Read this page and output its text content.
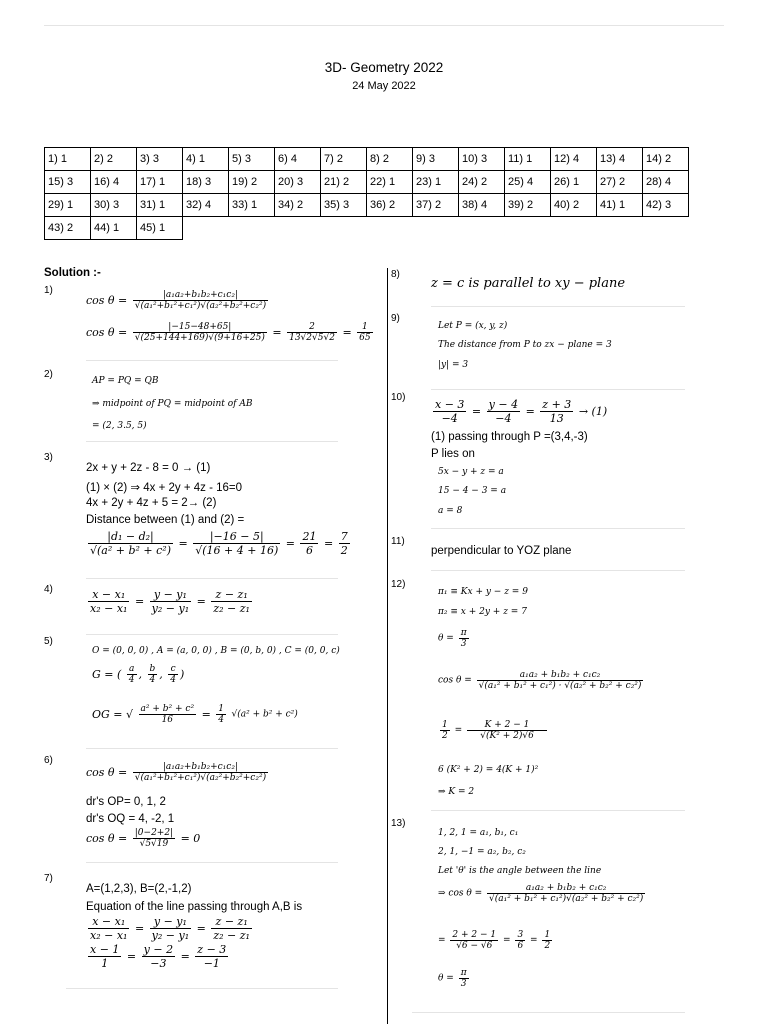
3D- Geometry 2022
24 May 2022
1) 1	2) 2	3) 3	4) 1	5) 3	6) 4	7) 2	8) 2	9) 3	10) 3	11) 1	12) 4	13) 4	14) 2
15) 3	16) 4	17) 1	18) 3	19) 2	20) 3	21) 2	22) 1	23) 1	24) 2	25) 4	26) 1	27) 2	28) 4
29) 1	30) 3	31) 1	32) 4	33) 1	34) 2	35) 3	36) 2	37) 2	38) 4	39) 2	40) 2	41) 1	42) 3
43) 2	44) 1	45) 1											
Solution :-
1)
$\cos \theta = \frac{\text{|a₁a₂+b₁b₂+c₁c₂|}}{\text{√(a₁²+b₁²+c₁²)√(a₂²+b₂²+c₂²)}}$
$\cos \theta = \frac{|-15-48+65|}{√(25+144+169)√(9+16+25)} = \frac{2}{13√2√5√2} = \frac{1}{65}$
2)
AP = PQ = QB
⇒ midpoint of PQ = midpoint of AB
= (2, 3.5, 5)
3)
2x + y + 2z - 8 = 0 → (1)
(1) × (2) ⇒ 4x + 2y + 4z - 16=0
4x + 2y + 4z + 5 = 2→ (2)
Distance between (1) and (2) =
$\frac{\text{|d₁ − d₂|}}{\text{√(a² + b² + c²)}} = \frac{|-16 - 5|}{√(16 + 4 + 16)} = \frac{21}{6} = \frac{7}{2}$
4)	$\frac{\text{x − x₁}}{\text{x₂ − x₁}} = \frac{\text{y − y₁}}{\text{y₂ − y₁}} = \frac{\text{z − z₁}}{\text{z₂ − z₁}}$
5)
O = (0, 0, 0) , A = (a, 0, 0) , B = (0, b, 0) , C = (0, 0, c)
G = ( $\frac{a}{4}$ , $\frac{b}{4}$ , $\frac{c}{4}$ )
OG = √ $\frac{\text{a² + b² + c²}}{16} = \frac{1}{4} √(a^2 + b^2 + c^2)$
6)
$\cos \theta = \frac{\text{|a₁a₂+b₁b₂+c₁c₂|}}{\text{√(a₁²+b₁²+c₁²)√(a₂²+b₂²+c₂²)}}$
dr's OP= 0, 1, 2
dr's OQ = 4, -2, 1
$\cos \theta = \frac{|0-2+2|}{√5√19} = 0$
7)
A=(1,2,3), B=(2,-1,2)
Equation of the line passing through A,B is
$\frac{\text{x − x₁}}{\text{x₂ − x₁}} = \frac{\text{y − y₁}}{\text{y₂ − y₁}} = \frac{\text{z − z₁}}{\text{z₂ − z₁}}$
$\frac{x - 1}{1} = \frac{y - 2}{-3} = \frac{z - 3}{-1}$
8)
z = c is parallel to xy − plane
9)
Let P = (x, y, z)
The distance from P to zx − plane = 3
|y| = 3
10)
$\frac{x - 3}{-4} = \frac{y - 4}{-4} = \frac{z + 3}{13} \to (1)$
(1) passing through P =(3,4,-3)
P lies on
5x − y + z = a
15 − 4 − 3 = a
a = 8
11)
perpendicular to YOZ plane
12)
π₁ ≡ Kx + y − z = 9
π₂ ≡ x + 2y + z = 7
$\theta = \frac{\pi}{3}$
$\cos \theta = \frac{\text{a₁a₂ + b₁b₂ + c₁c₂}}{\text{√(a₁² + b₁² + c₁²) · √(a₂² + b₂² + c₂²)}}$
$\frac{1}{2} = \frac{K + 2 - 1}{\text{√(K² + 2)√6}}$
6 (K² + 2) = 4(K + 1)²
⇒ K = 2
13)
1, 2, 1 = a₁, b₁, c₁
2, 1, −1 = a₂, b₂, c₂
Let 'θ' is the angle between the line
⇒ $\cos \theta = \frac{\text{a₁a₂ + b₁b₂ + c₁c₂}}{\text{√(a₁² + b₁² + c₁²)√(a₂² + b₂² + c₂²)}}$
= $\frac{2 + 2 - 1}{√6 - √6} = \frac{3}{6} = \frac{1}{2}$
$\theta = \frac{\pi}{3}$
